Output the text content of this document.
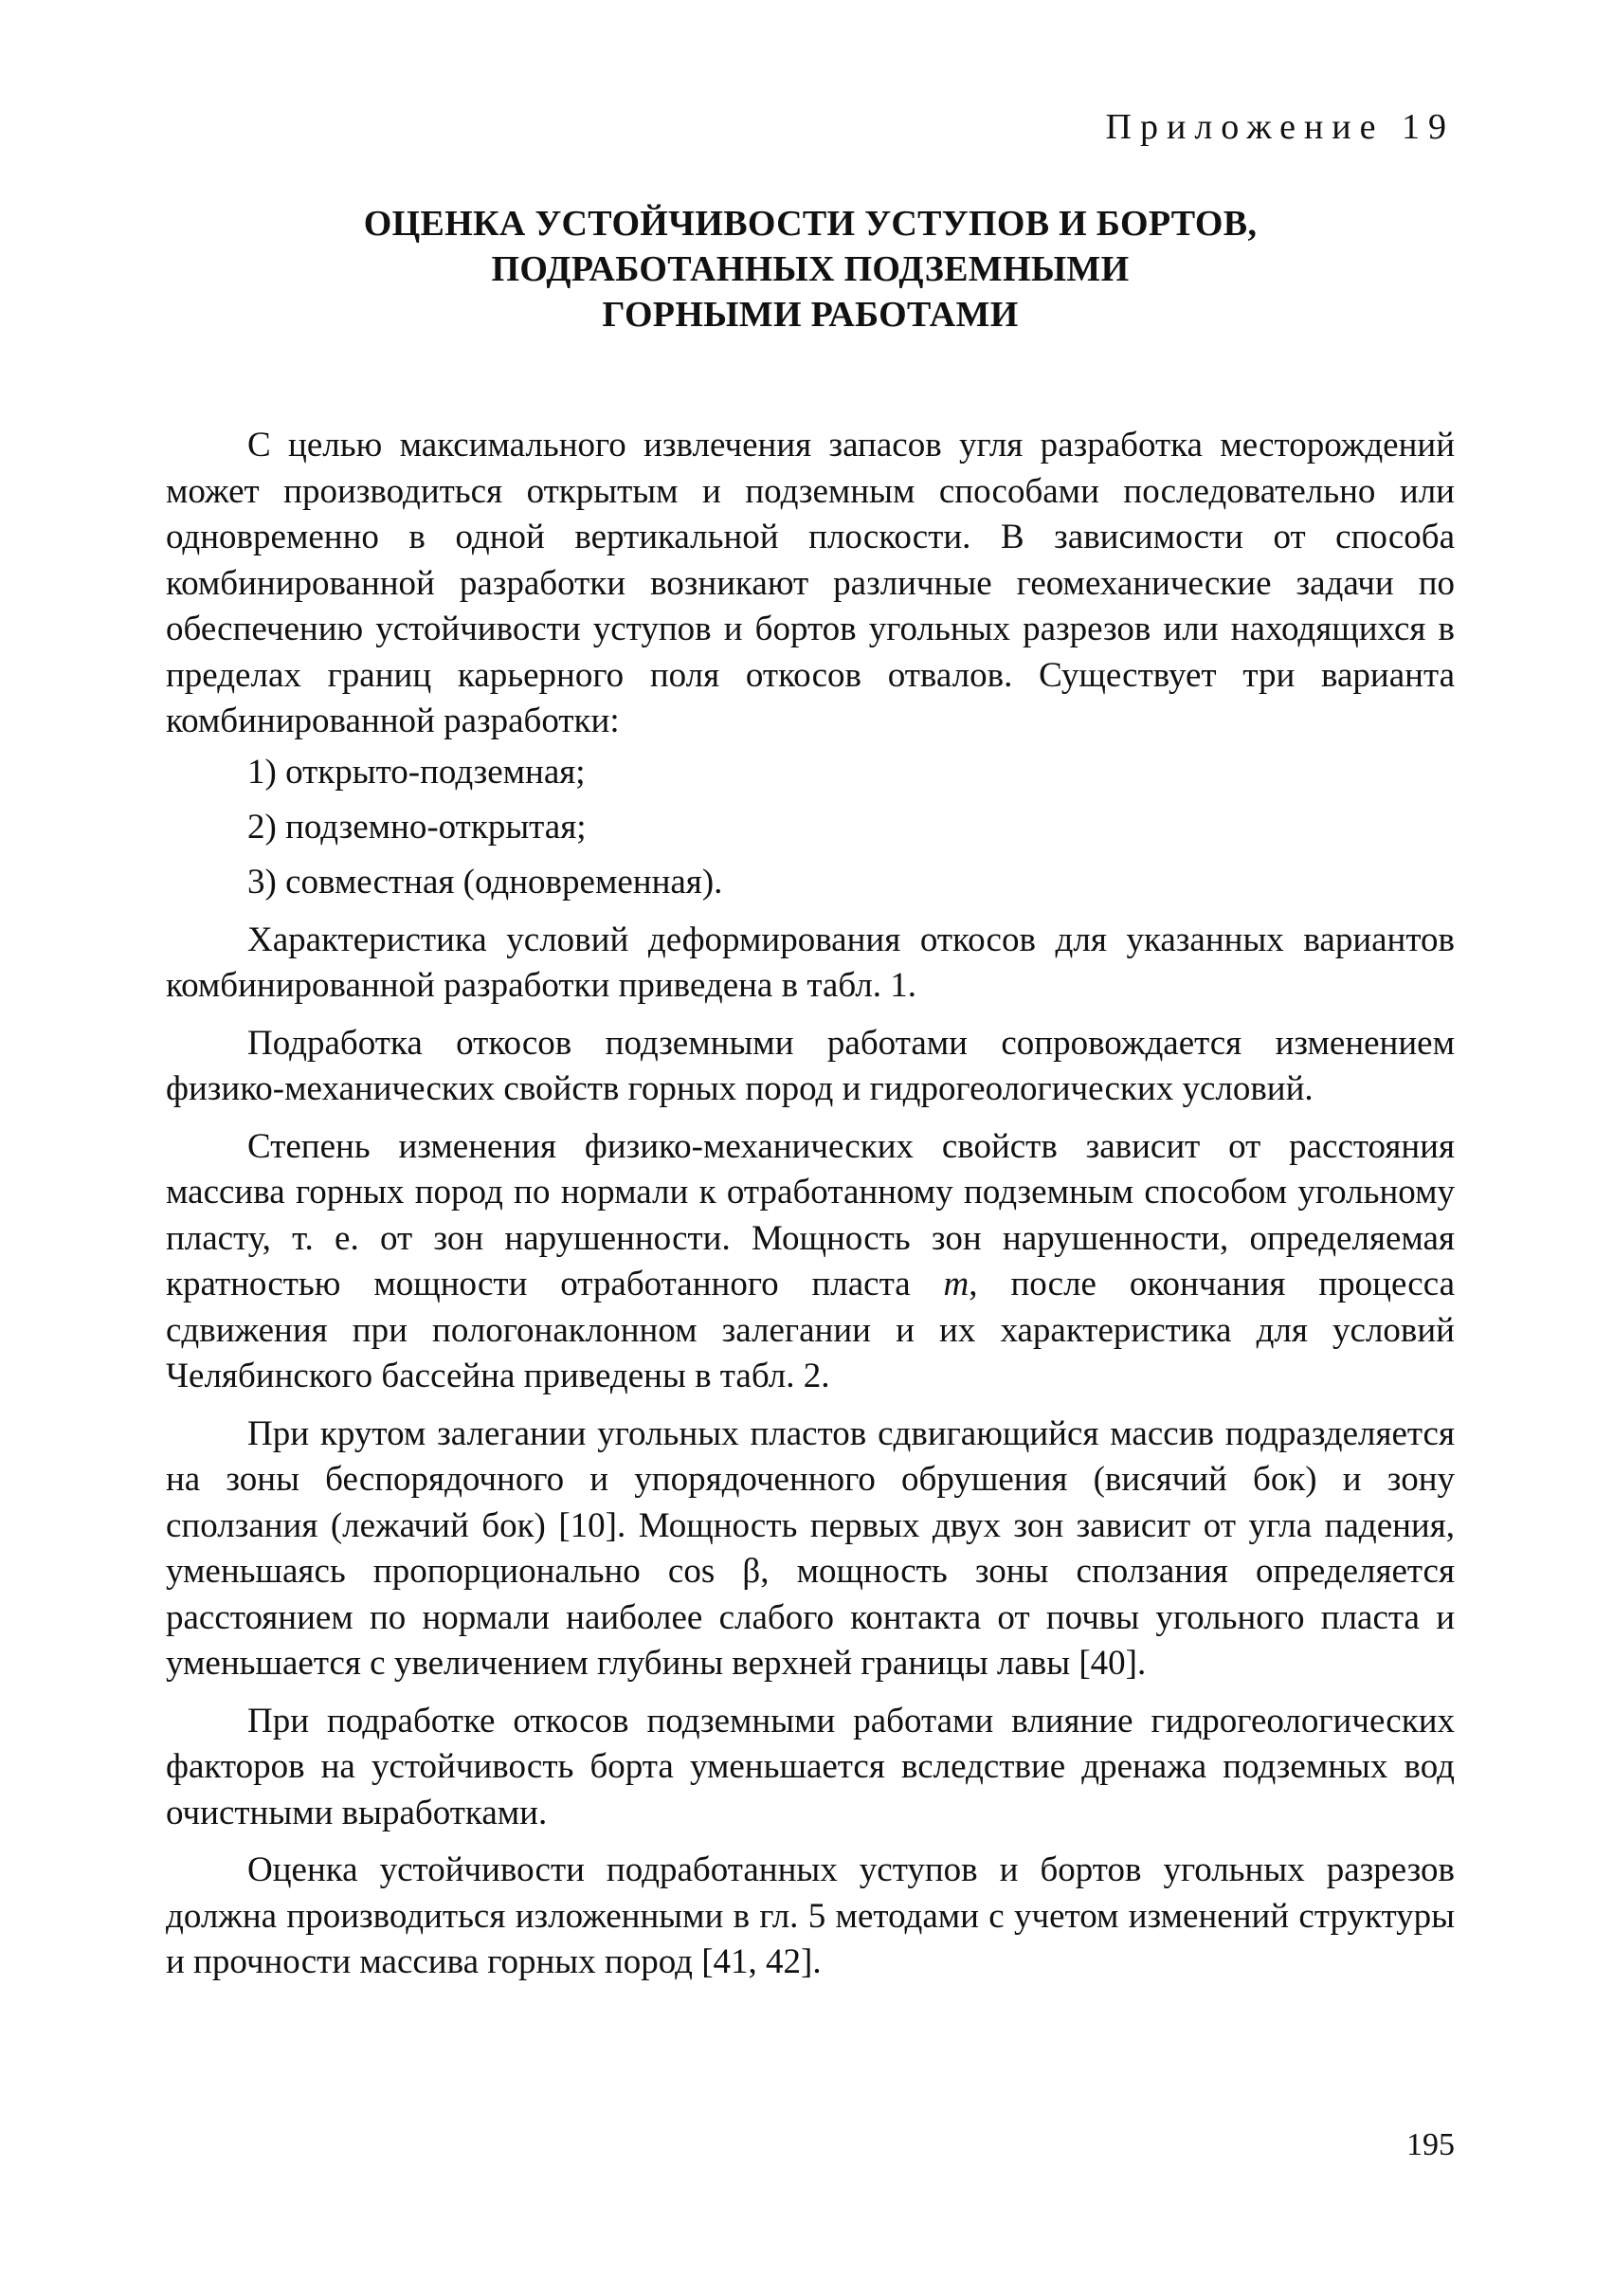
Приложение 19
ОЦЕНКА УСТОЙЧИВОСТИ УСТУПОВ И БОРТОВ,
ПОДРАБОТАННЫХ ПОДЗЕМНЫМИ
ГОРНЫМИ РАБОТАМИ

С целью максимального извлечения запасов угля разработка месторождений может производиться открытым и подземным способами последовательно или одновременно в одной вертикальной плоскости. В зависимости от способа комбинированной разработки возникают различные геомеханические задачи по обеспечению устойчивости уступов и бортов угольных разрезов или находящихся в пределах границ карьерного поля откосов отвалов. Существует три варианта комбинированной разработки:

1) открыто-подземная;
2) подземно-открытая;
3) совместная (одновременная).

Характеристика условий деформирования откосов для указанных вариантов комбинированной разработки приведена в табл. 1.

Подработка откосов подземными работами сопровождается изменением физико-механических свойств горных пород и гидрогеологических условий.

Степень изменения физико-механических свойств зависит от расстояния массива горных пород по нормали к отработанному подземным способом угольному пласту, т. е. от зон нарушенности. Мощность зон нарушенности, определяемая кратностью мощности отработанного пласта m, после окончания процесса сдвижения при пологонаклонном залегании и их характеристика для условий Челябинского бассейна приведены в табл. 2.

При крутом залегании угольных пластов сдвигающийся массив подразделяется на зоны беспорядочного и упорядоченного обрушения (висячий бок) и зону сползания (лежачий бок) [10]. Мощность первых двух зон зависит от угла падения, уменьшаясь пропорционально cos β, мощность зоны сползания определяется расстоянием по нормали наиболее слабого контакта от почвы угольного пласта и уменьшается с увеличением глубины верхней границы лавы [40].

При подработке откосов подземными работами влияние гидрогеологических факторов на устойчивость борта уменьшается вследствие дренажа подземных вод очистными выработками.

Оценка устойчивости подработанных уступов и бортов угольных разрезов должна производиться изложенными в гл. 5 методами с учетом изменений структуры и прочности массива горных пород [41, 42].

195
